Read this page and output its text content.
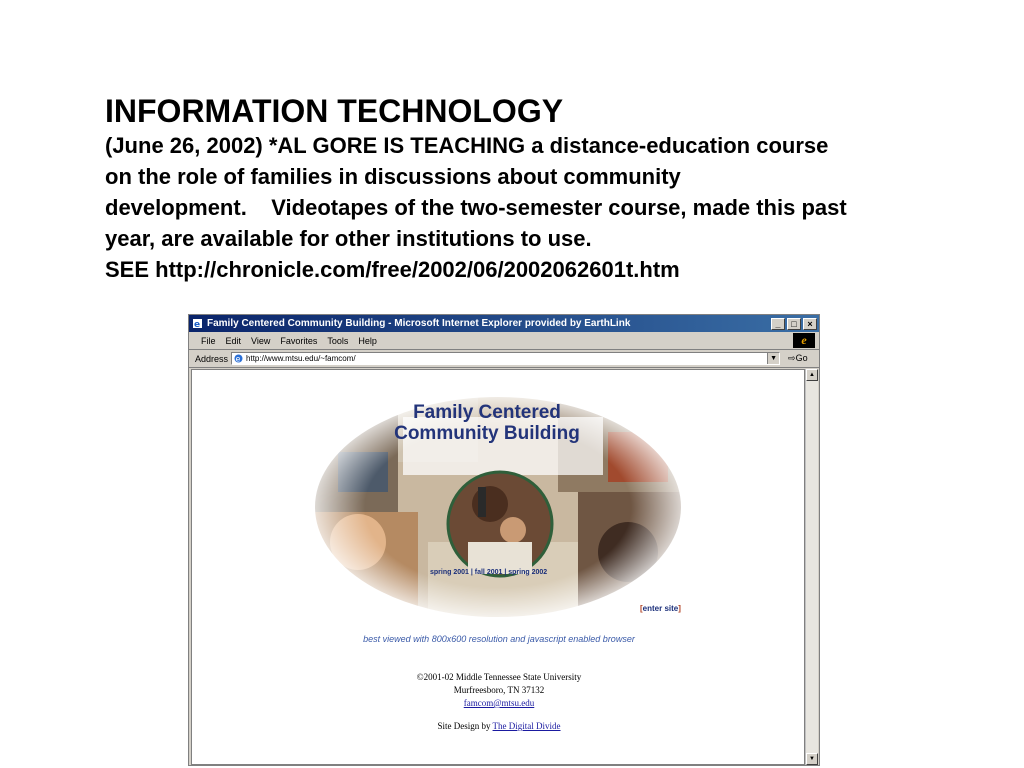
INFORMATION TECHNOLOGY
(June 26, 2002) *AL GORE IS TEACHING a distance-education course
on the role of families in discussions about community
development.    Videotapes of the two-semester course, made this past
year, are available for other institutions to use.
SEE http://chronicle.com/free/2002/06/2002062601t.htm
e Family Centered Community Building - Microsoft Internet Explorer provided by EarthLink	_	□	×
File Edit View Favorites Tools Help	e
Address e http://www.mtsu.edu/~famcom/	▼ ⇨Go
Family Centered
Community Building
spring 2001 | fall 2001 | spring 2002
[enter site]
best viewed with 800x600 resolution and javascript enabled browser
©2001-02 Middle Tennessee State University
Murfreesboro, TN 37132
famcom@mtsu.edu
Site Design by The Digital Divide
▲
▼
